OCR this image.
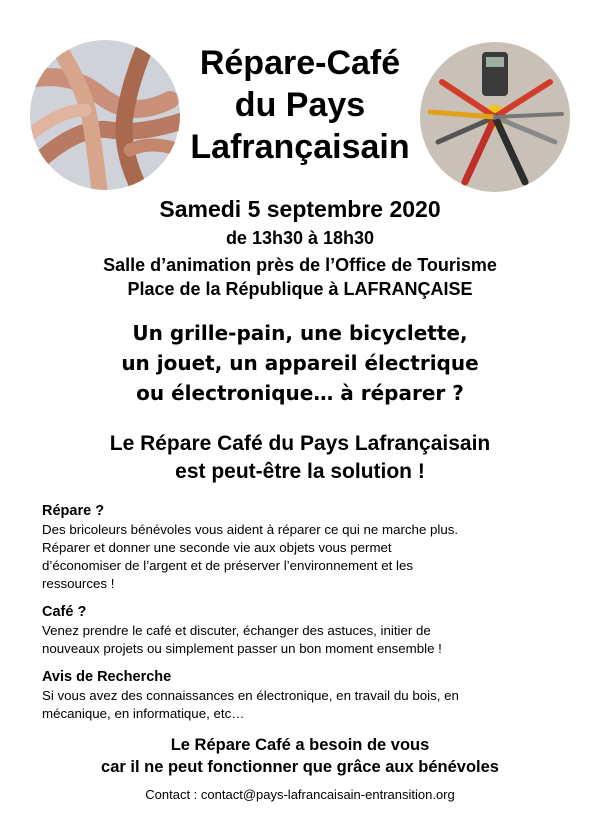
Répare-Café
du Pays
Lafrançaisain
Samedi 5 septembre 2020
de 13h30 à 18h30
Salle d’animation près de l’Office de Tourisme
Place de la République à LAFRANÇAISE
Un grille-pain, une bicyclette,
un jouet, un appareil électrique
ou électronique… à réparer ?
Le Répare Café du Pays Lafrançaisain
est peut-être la solution !
Répare ?

Des bricoleurs bénévoles vous aident à réparer ce qui ne marche plus.

Réparer et donner une seconde vie aux objets vous permet

d’économiser de l’argent et de préserver l’environnement et les

ressources !

Café ?

Venez prendre le café et discuter, échanger des astuces, initier de

nouveaux projets ou simplement passer un bon moment ensemble !

Avis de Recherche

Si vous avez des connaissances en électronique, en travail du bois, en

mécanique, en informatique, etc…

Le Répare Café a besoin de vous
car il ne peut fonctionner que grâce aux bénévoles
Contact : contact@pays-lafrancaisain-entransition.org
